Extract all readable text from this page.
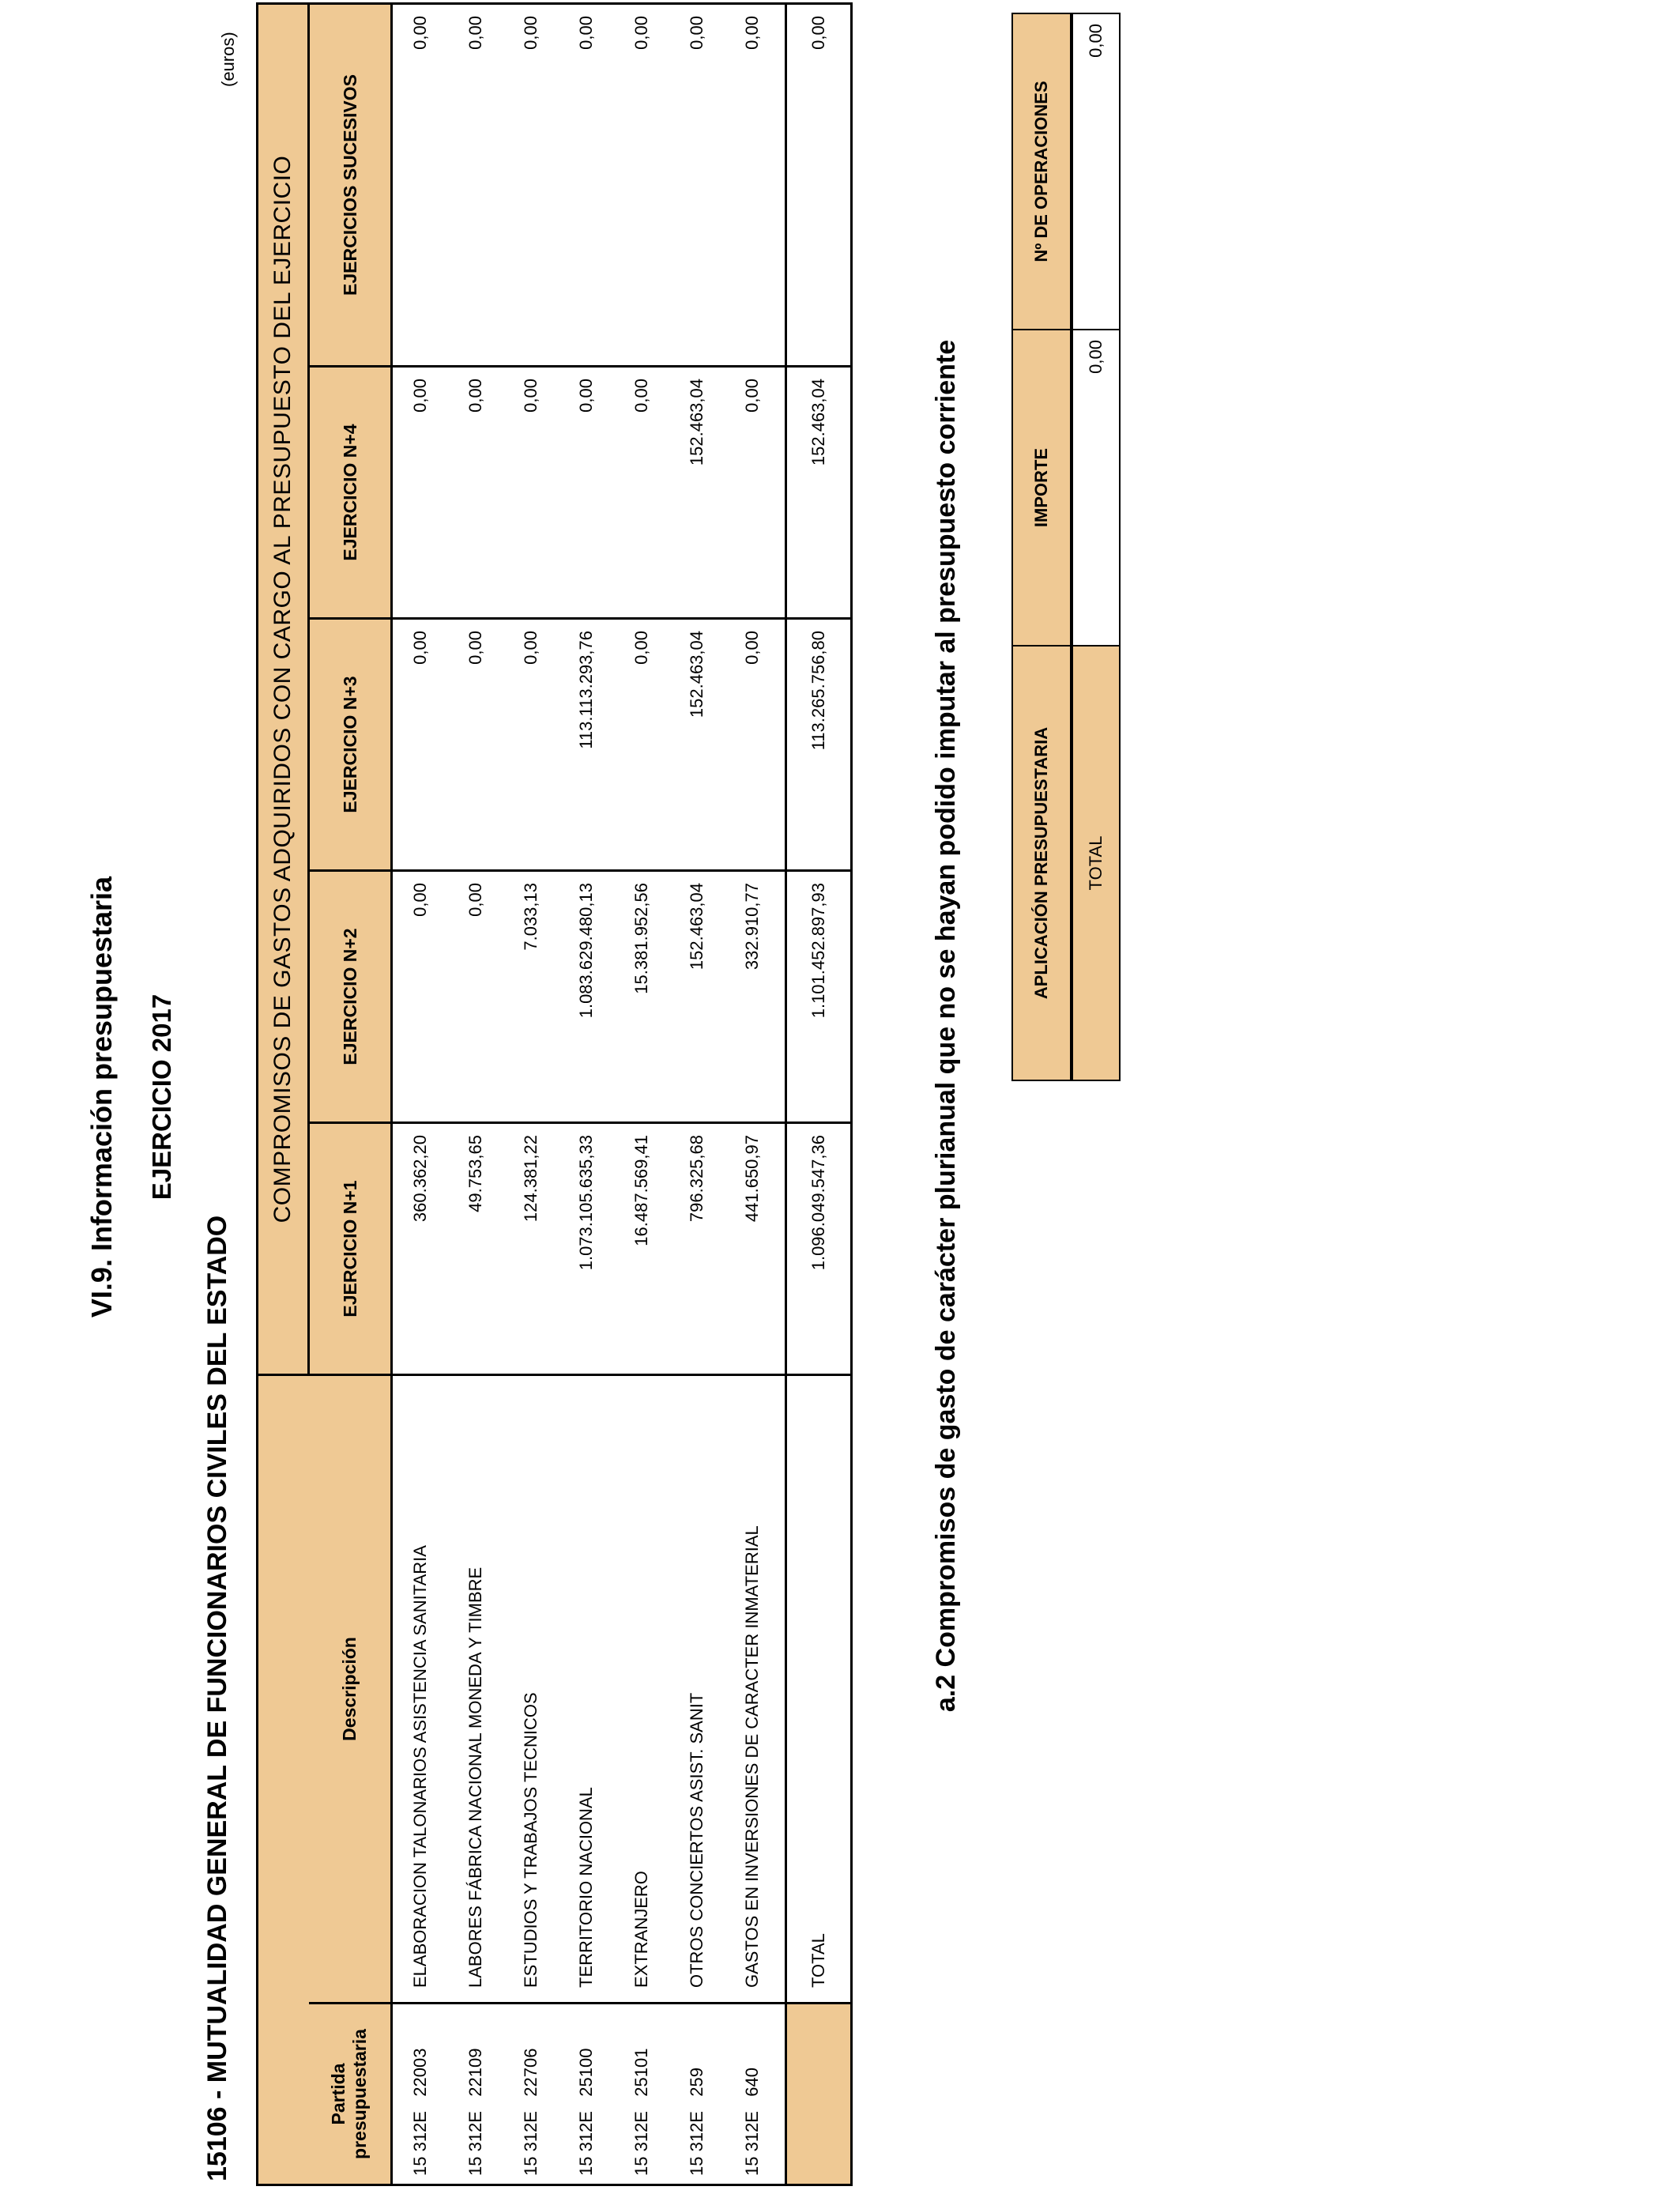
VI.9. Información presupuestaria EJERCICIO 2017
15106 - MUTUALIDAD GENERAL DE FUNCIONARIOS CIVILES DEL ESTADO
(euros)
		COMPROMISOS DE GASTOS ADQUIRIDOS CON CARGO AL PRESUPUESTO DEL EJERCICIO				
Partida presupuestaria	Descripción	EJERCICIO N+1	EJERCICIO N+2	EJERCICIO N+3	EJERCICIO N+4	EJERCICIOS SUCESIVOS
15 312E   22003	ELABORACION TALONARIOS ASISTENCIA SANITARIA	360.362,20	0,00	0,00	0,00	0,00
15 312E   22109	LABORES FÁBRICA NACIONAL MONEDA Y TIMBRE	49.753,65	0,00	0,00	0,00	0,00
15 312E   22706	ESTUDIOS Y TRABAJOS TECNICOS	124.381,22	7.033,13	0,00	0,00	0,00
15 312E   25100	TERRITORIO NACIONAL	1.073.105.635,33	1.083.629.480,13	113.113.293,76	0,00	0,00
15 312E   25101	EXTRANJERO	16.487.569,41	15.381.952,56	0,00	0,00	0,00
15 312E   259	OTROS CONCIERTOS ASIST. SANIT	796.325,68	152.463,04	152.463,04	152.463,04	0,00
15 312E   640	GASTOS EN INVERSIONES DE CARACTER INMATERIAL	441.650,97	332.910,77	0,00	0,00	0,00
	TOTAL	1.096.049.547,36	1.101.452.897,93	113.265.756,80	152.463,04	0,00
a.2 Compromisos de gasto de carácter plurianual que no se hayan podido imputar al presupuesto corriente	APLICACIÓN PRESUPUESTARIA	IMPORTE	Nº DE OPERACIONES
TOTAL	0,00	0,00
